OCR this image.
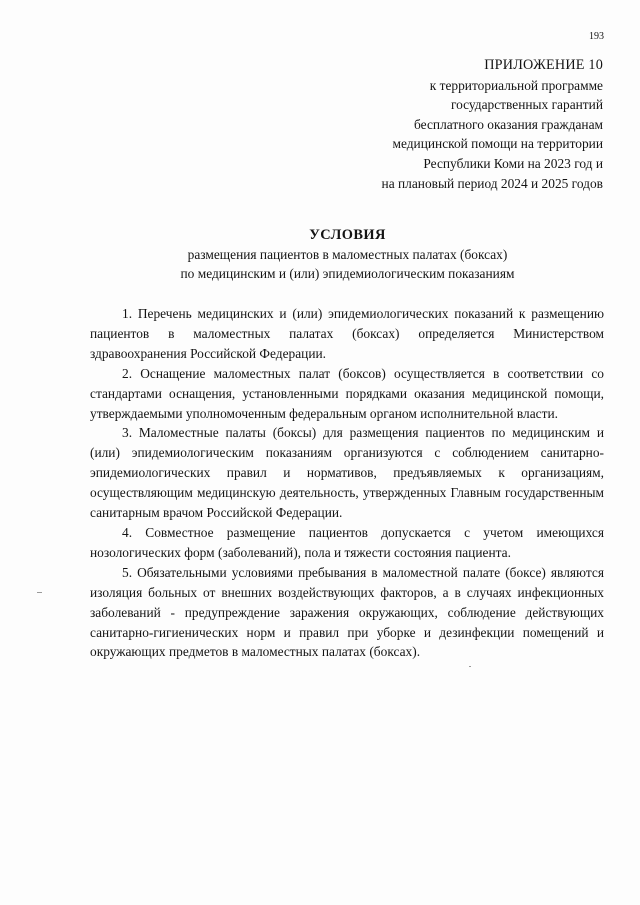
193
ПРИЛОЖЕНИЕ 10
к территориальной программе
государственных гарантий
бесплатного оказания гражданам
медицинской помощи на территории
Республики Коми на 2023 год и
на плановый период 2024 и 2025 годов
УСЛОВИЯ
размещения пациентов в маломестных палатах (боксах)
по медицинским и (или) эпидемиологическим показаниям

1. Перечень медицинских и (или) эпидемиологических показаний к размещению пациентов в маломестных палатах (боксах) определяется Министерством здравоохранения Российской Федерации.

2. Оснащение маломестных палат (боксов) осуществляется в соответствии со стандартами оснащения, установленными порядками оказания медицинской помощи, утверждаемыми уполномоченным федеральным органом исполнительной власти.

3. Маломестные палаты (боксы) для размещения пациентов по медицинским и (или) эпидемиологическим показаниям организуются с соблюдением санитарно-эпидемиологических правил и нормативов, предъявляемых к организациям, осуществляющим медицинскую деятельность, утвержденных Главным государственным санитарным врачом Российской Федерации.

4. Совместное размещение пациентов допускается с учетом имеющихся нозологических форм (заболеваний), пола и тяжести состояния пациента.

5. Обязательными условиями пребывания в маломестной палате (боксе) являются изоляция больных от внешних воздействующих факторов, а в случаях инфекционных заболеваний - предупреждение заражения окружающих, соблюдение действующих санитарно-гигиенических норм и правил при уборке и дезинфекции помещений и окружающих предметов в маломестных палатах (боксах).
